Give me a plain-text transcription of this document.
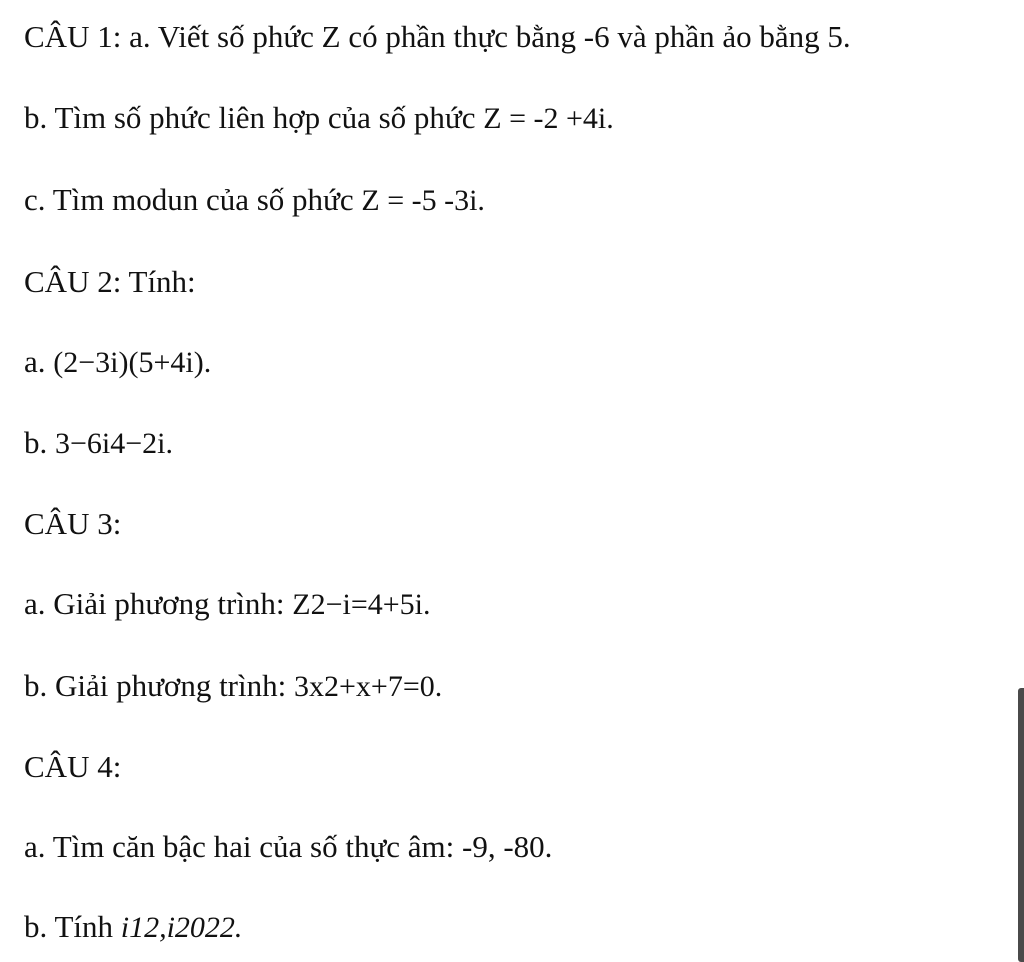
CÂU 1: a. Viết số phức Z có phần thực bằng -6 và phần ảo bằng 5.
b. Tìm số phức liên hợp của số phức Z = -2 +4i.
c. Tìm modun của số phức Z = -5 -3i.
CÂU 2: Tính:
a. (2−3i)(5+4i).
b. 3−6i4−2i.
CÂU 3:
a. Giải phương trình: Z2−i=4+5i.
b. Giải phương trình: 3x2+x+7=0.
CÂU 4:
a. Tìm căn bậc hai của số thực âm: -9, -80.
b. Tính i12,i2022.
